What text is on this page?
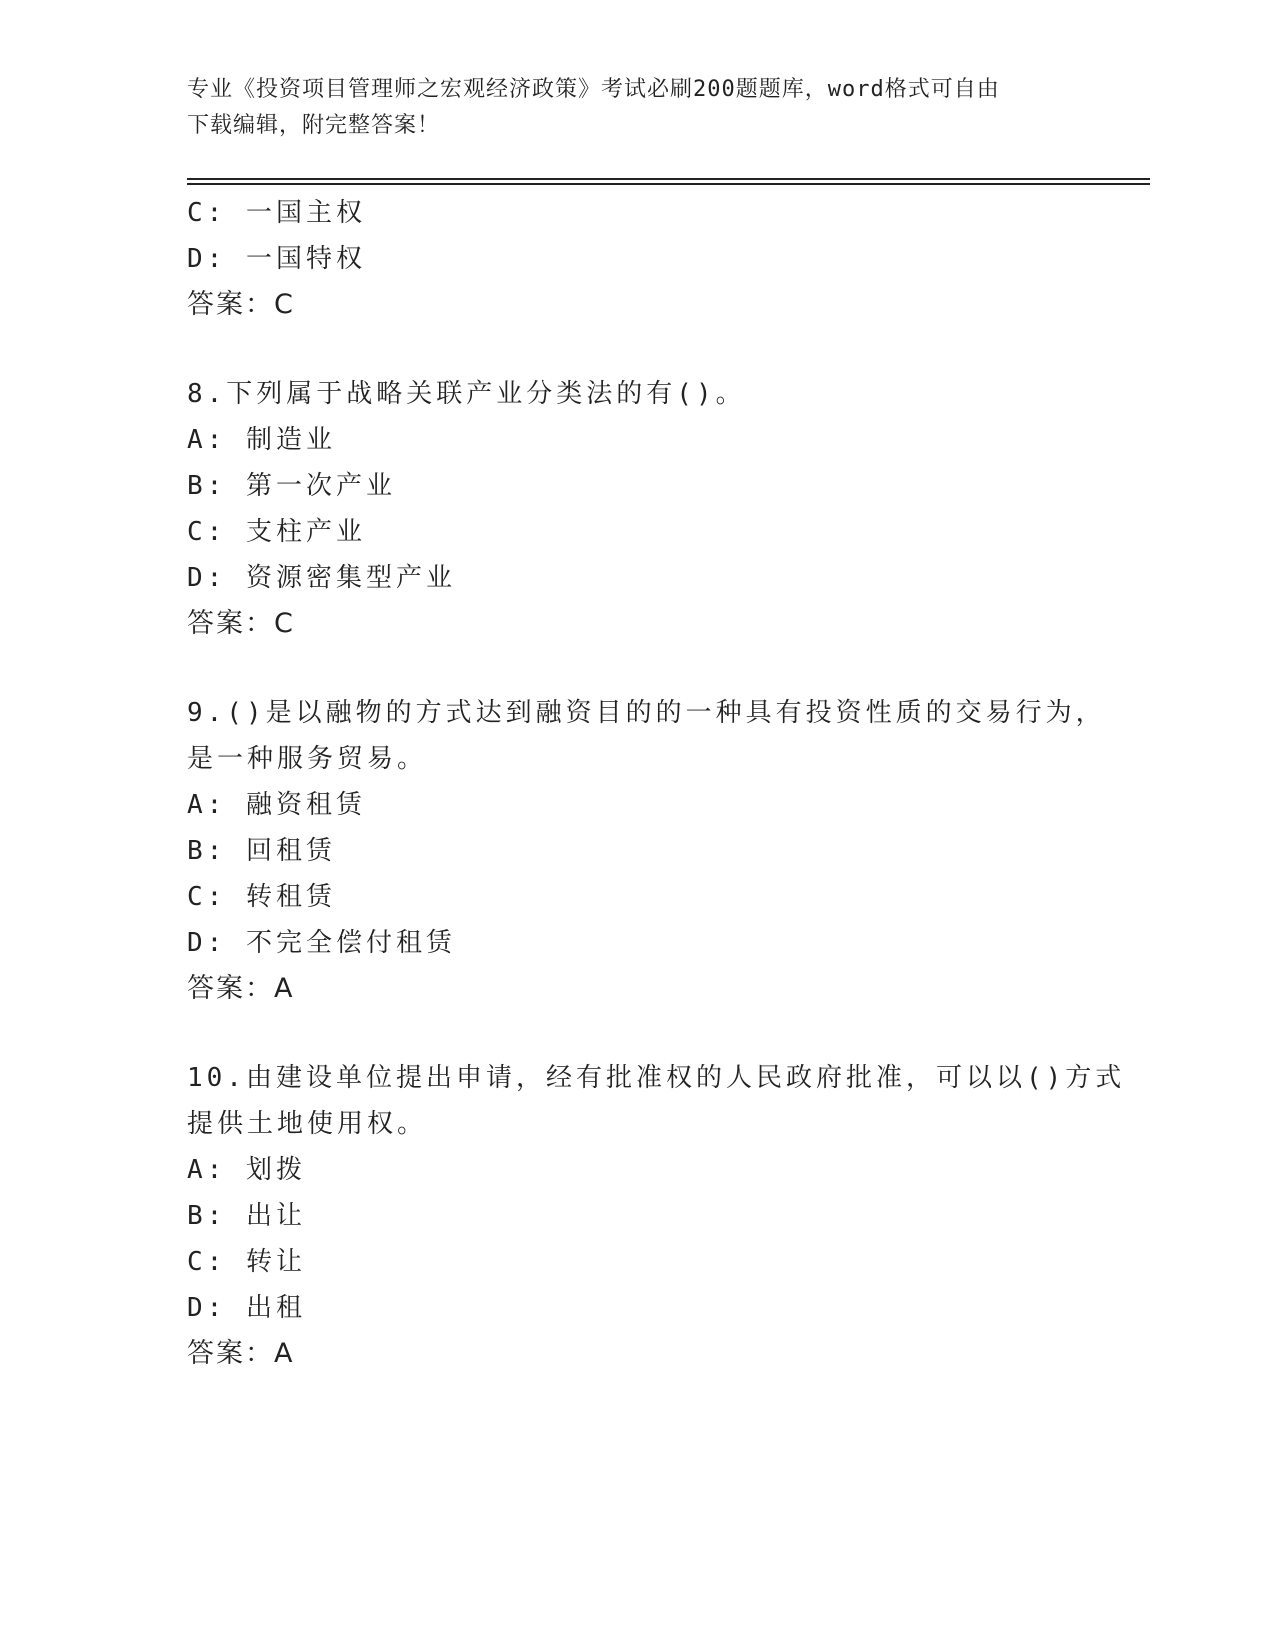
专业《投资项目管理师之宏观经济政策》考试必刷200题题库，word格式可自由
下载编辑，附完整答案！
C: 一国主权
D: 一国特权
答案：C
8.下列属于战略关联产业分类法的有()。
A: 制造业
B: 第一次产业
C: 支柱产业
D: 资源密集型产业
答案：C
9.()是以融物的方式达到融资目的的一种具有投资性质的交易行为，
是一种服务贸易。
A: 融资租赁
B: 回租赁
C: 转租赁
D: 不完全偿付租赁
答案：A
10.由建设单位提出申请，经有批准权的人民政府批准，可以以()方式
提供土地使用权。
A: 划拨
B: 出让
C: 转让
D: 出租
答案：A
